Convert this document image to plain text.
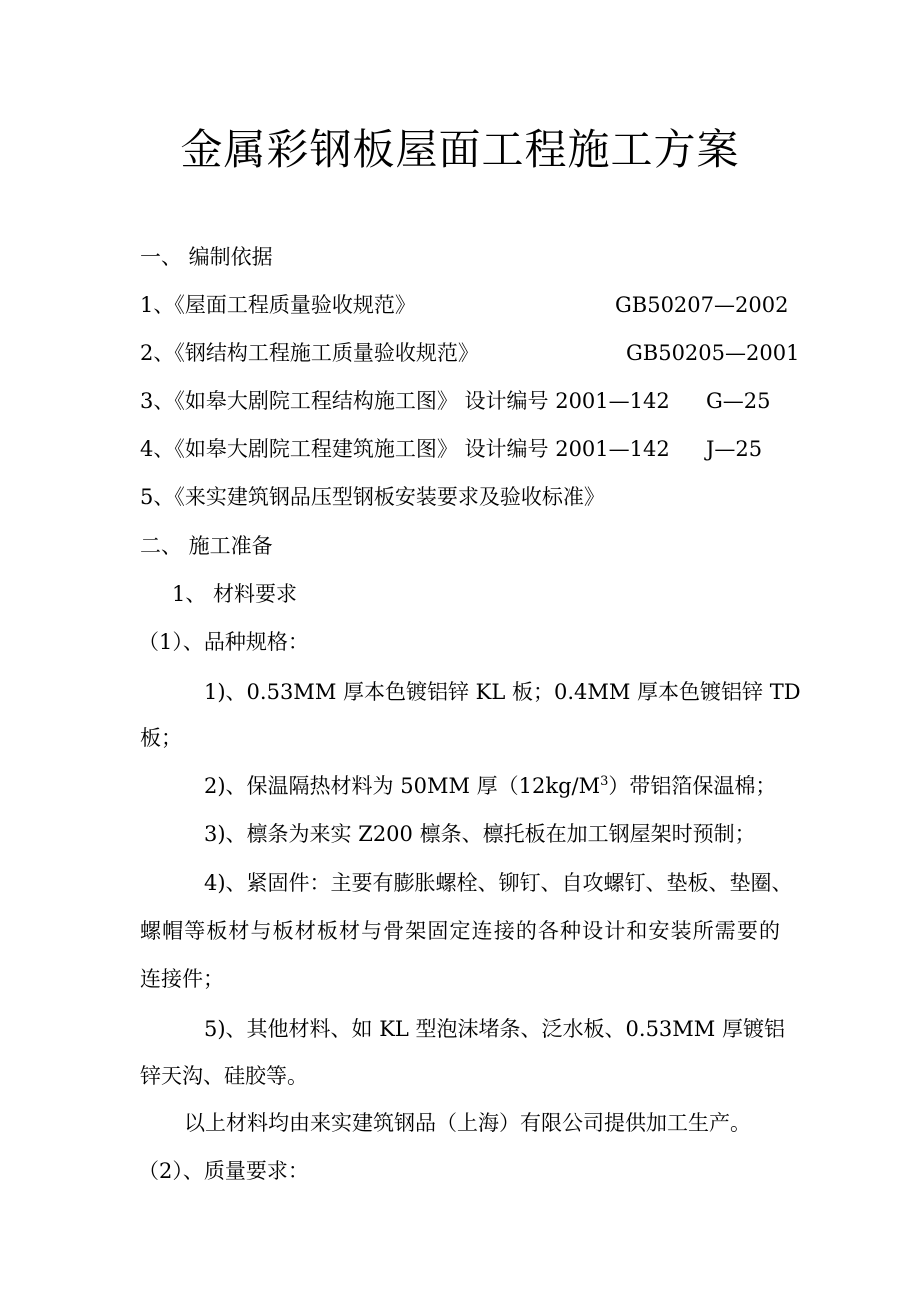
金属彩钢板屋面工程施工方案
一、 编制依据
1、《屋面工程质量验收规范》	GB50207—2002
2、《钢结构工程施工质量验收规范》	GB50205—2001
3、《如皋大剧院工程结构施工图》 设计编号 2001—142 G—25
4、《如皋大剧院工程建筑施工图》 设计编号 2001—142 J—25
5、《来实建筑钢品压型钢板安装要求及验收标准》
二、 施工准备
1、 材料要求
（1）、品种规格：
1)、0.53MM 厚本色镀铝锌 KL 板；0.4MM 厚本色镀铝锌 TD
板；
2)、保温隔热材料为 50MM 厚$(12kg/M^3)$带铝箔保温棉；
3)、檩条为来实 Z200 檩条、檩托板在加工钢屋架时预制；
4)、紧固件：主要有膨胀螺栓、铆钉、自攻螺钉、垫板、垫圈、
螺帽等板材与板材板材与骨架固定连接的各种设计和安装所需要的
连接件；
5)、其他材料、如 KL 型泡沫堵条、泛水板、0.53MM 厚镀铝
锌天沟、硅胶等。
以上材料均由来实建筑钢品（上海）有限公司提供加工生产。
（2）、质量要求：
